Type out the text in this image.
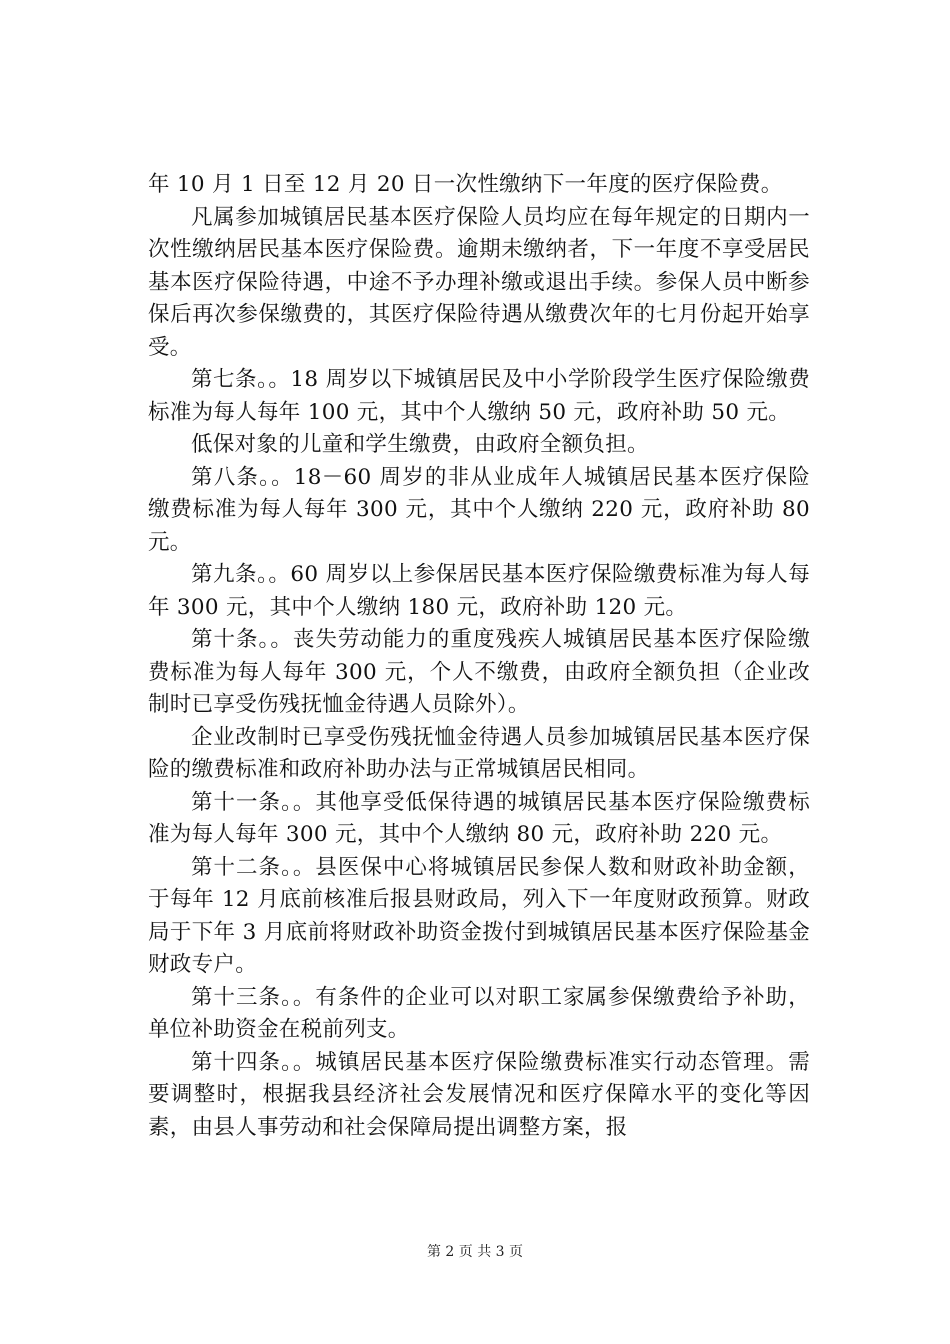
年 10 月 1 日至 12 月 20 日一次性缴纳下一年度的医疗保险费。

凡属参加城镇居民基本医疗保险人员均应在每年规定的日期内一次性缴纳居民基本医疗保险费。逾期未缴纳者，下一年度不享受居民基本医疗保险待遇，中途不予办理补缴或退出手续。参保人员中断参保后再次参保缴费的，其医疗保险待遇从缴费次年的七月份起开始享受。

第七条。。18 周岁以下城镇居民及中小学阶段学生医疗保险缴费标准为每人每年 100 元，其中个人缴纳 50 元，政府补助 50 元。

低保对象的儿童和学生缴费，由政府全额负担。

第八条。。18－60 周岁的非从业成年人城镇居民基本医疗保险缴费标准为每人每年 300 元，其中个人缴纳 220 元，政府补助 80 元。

第九条。。60 周岁以上参保居民基本医疗保险缴费标准为每人每年 300 元，其中个人缴纳 180 元，政府补助 120 元。

第十条。。丧失劳动能力的重度残疾人城镇居民基本医疗保险缴费标准为每人每年 300 元，个人不缴费，由政府全额负担（企业改制时已享受伤残抚恤金待遇人员除外）。

企业改制时已享受伤残抚恤金待遇人员参加城镇居民基本医疗保险的缴费标准和政府补助办法与正常城镇居民相同。

第十一条。。其他享受低保待遇的城镇居民基本医疗保险缴费标准为每人每年 300 元，其中个人缴纳 80 元，政府补助 220 元。

第十二条。。县医保中心将城镇居民参保人数和财政补助金额，于每年 12 月底前核准后报县财政局，列入下一年度财政预算。财政局于下年 3 月底前将财政补助资金拨付到城镇居民基本医疗保险基金财政专户。

第十三条。。有条件的企业可以对职工家属参保缴费给予补助，单位补助资金在税前列支。

第十四条。。城镇居民基本医疗保险缴费标准实行动态管理。需要调整时，根据我县经济社会发展情况和医疗保障水平的变化等因素，由县人事劳动和社会保障局提出调整方案，报

第 2 页 共 3 页
